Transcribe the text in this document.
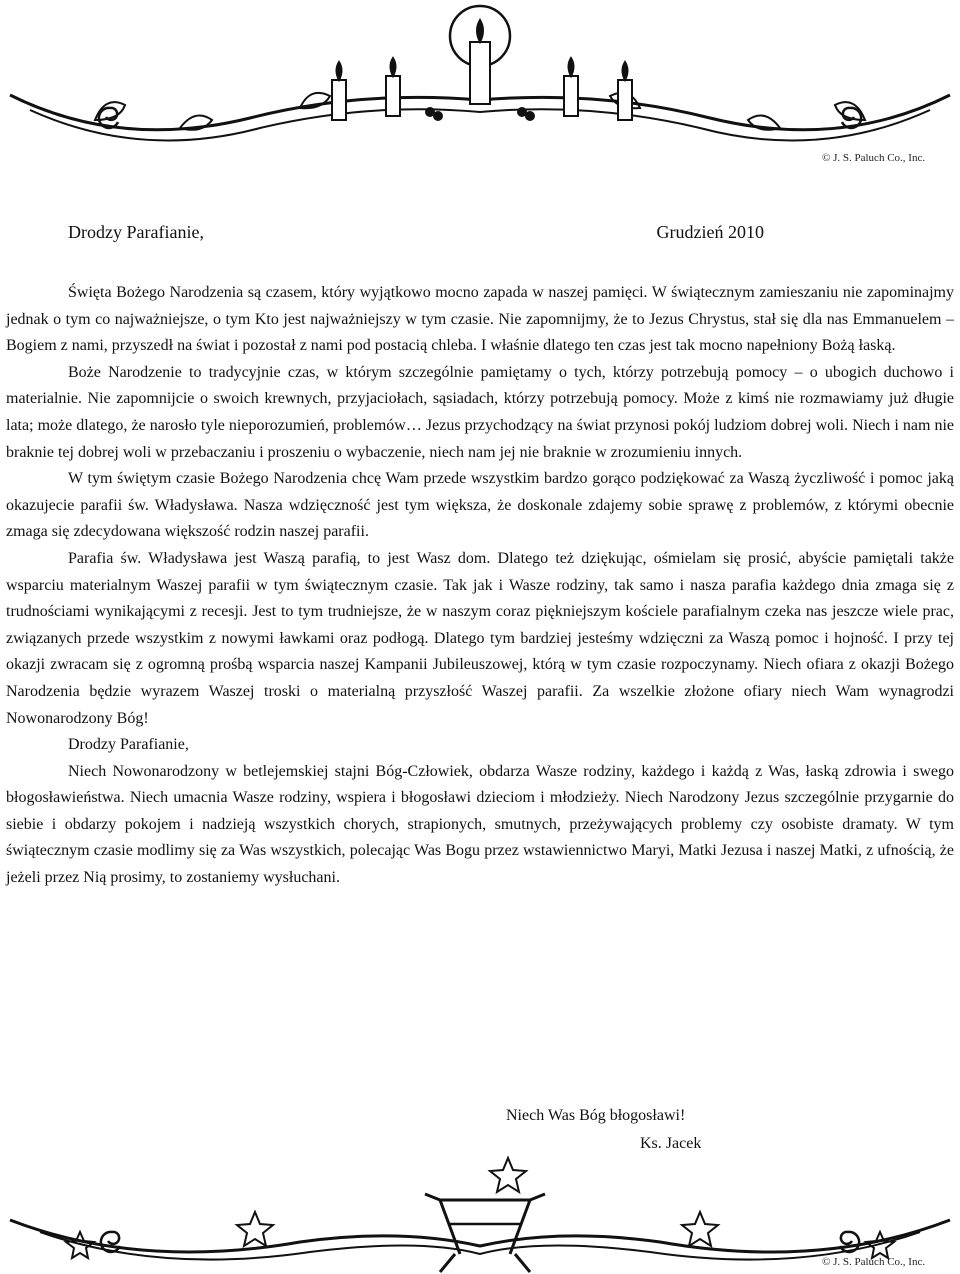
© J. S. Paluch Co., Inc.
Drodzy Parafianie,	Grudzień 2010

Święta Bożego Narodzenia są czasem, który wyjątkowo mocno zapada w naszej pamięci. W świątecznym zamieszaniu nie zapominajmy jednak o tym co najważniejsze, o tym Kto jest najważniejszy w tym czasie. Nie zapomnijmy, że to Jezus Chrystus, stał się dla nas Emmanuelem – Bogiem z nami, przyszedł na świat i pozostał z nami pod postacią chleba. I właśnie dlatego ten czas jest tak mocno napełniony Bożą łaską.

Boże Narodzenie to tradycyjnie czas, w którym szczególnie pamiętamy o tych, którzy potrzebują pomocy – o ubogich duchowo i materialnie. Nie zapomnijcie o swoich krewnych, przyjaciołach, sąsiadach, którzy potrzebują pomocy. Może z kimś nie rozmawiamy już długie lata; może dlatego, że narosło tyle nieporozumień, problemów… Jezus przychodzący na świat przynosi pokój ludziom dobrej woli. Niech i nam nie braknie tej dobrej woli w przebaczaniu i proszeniu o wybaczenie, niech nam jej nie braknie w zrozumieniu innych.

W tym świętym czasie Bożego Narodzenia chcę Wam przede wszystkim bardzo gorąco podziękować za Waszą życzliwość i pomoc jaką okazujecie parafii św. Władysława. Nasza wdzięczność jest tym większa, że doskonale zdajemy sobie sprawę z problemów, z którymi obecnie zmaga się zdecydowana większość rodzin naszej parafii.

Parafia św. Władysława jest Waszą parafią, to jest Wasz dom. Dlatego też dziękując, ośmielam się prosić, abyście pamiętali także wsparciu materialnym Waszej parafii w tym świątecznym czasie. Tak jak i Wasze rodziny, tak samo i nasza parafia każdego dnia zmaga się z trudnościami wynikającymi z recesji. Jest to tym trudniejsze, że w naszym coraz piękniejszym kościele parafialnym czeka nas jeszcze wiele prac, związanych przede wszystkim z nowymi ławkami oraz podłogą. Dlatego tym bardziej jesteśmy wdzięczni za Waszą pomoc i hojność. I przy tej okazji zwracam się z ogromną prośbą wsparcia naszej Kampanii Jubileuszowej, którą w tym czasie rozpoczynamy. Niech ofiara z okazji Bożego Narodzenia będzie wyrazem Waszej troski o materialną przyszłość Waszej parafii. Za wszelkie złożone ofiary niech Wam wynagrodzi Nowonarodzony Bóg!

Drodzy Parafianie,

Niech Nowonarodzony w betlejemskiej stajni Bóg-Człowiek, obdarza Wasze rodziny, każdego i każdą z Was, łaską zdrowia i swego błogosławieństwa. Niech umacnia Wasze rodziny, wspiera i błogosławi dzieciom i młodzieży. Niech Narodzony Jezus szczególnie przygarnie do siebie i obdarzy pokojem i nadzieją wszystkich chorych, strapionych, smutnych, przeżywających problemy czy osobiste dramaty. W tym świątecznym czasie modlimy się za Was wszystkich, polecając Was Bogu przez wstawiennictwo Maryi, Matki Jezusa i naszej Matki, z ufnością, że jeżeli przez Nią prosimy, to zostaniemy wysłuchani.

Niech Was Bóg błogosławi!
Ks. Jacek
© J. S. Paluch Co., Inc.
